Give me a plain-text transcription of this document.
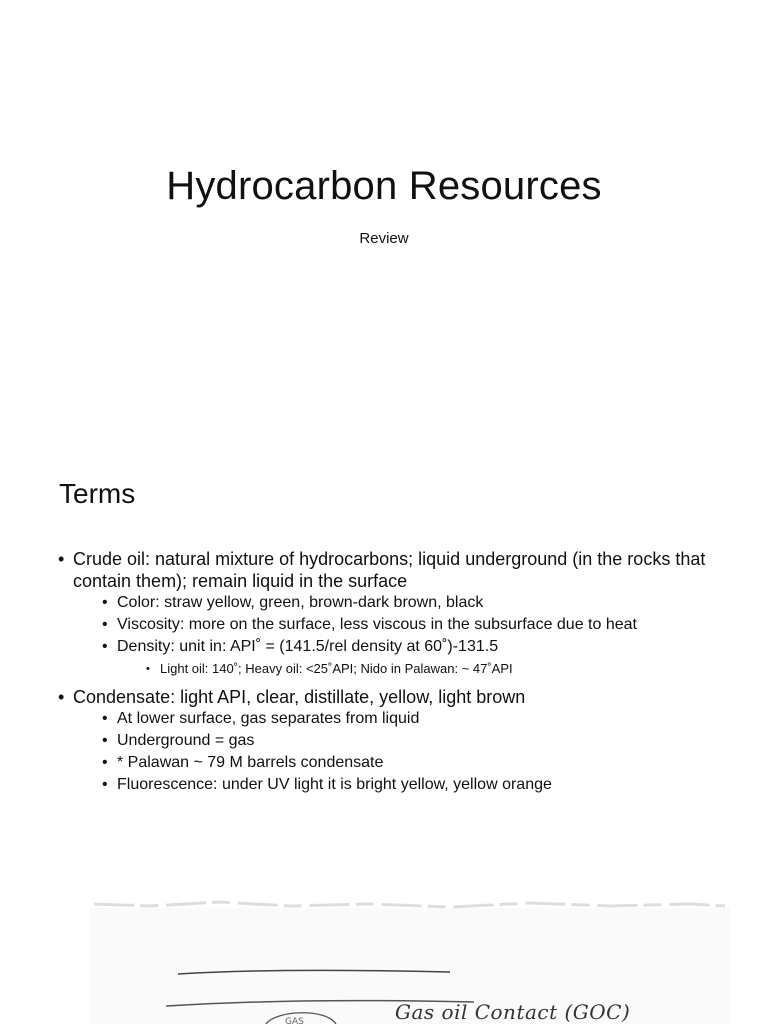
Hydrocarbon Resources
Review
Terms
• Crude oil: natural mixture of hydrocarbons; liquid underground (in the rocks that contain them); remain liquid in the surface
• Color: straw yellow, green, brown-dark brown, black
• Viscosity: more on the surface, less viscous in the subsurface due to heat
• Density: unit in: API˚ = (141.5/rel density at 60˚)-131.5
• Light oil: 140˚; Heavy oil: <25˚API; Nido in Palawan: ~ 47˚API
• Condensate: light API, clear, distillate, yellow, light brown
• At lower surface, gas separates from liquid
• Underground = gas
• * Palawan ~ 79 M barrels condensate
• Fluorescence: under UV light it is bright yellow, yellow orange
GAS	Gas oil Contact (GOC)
